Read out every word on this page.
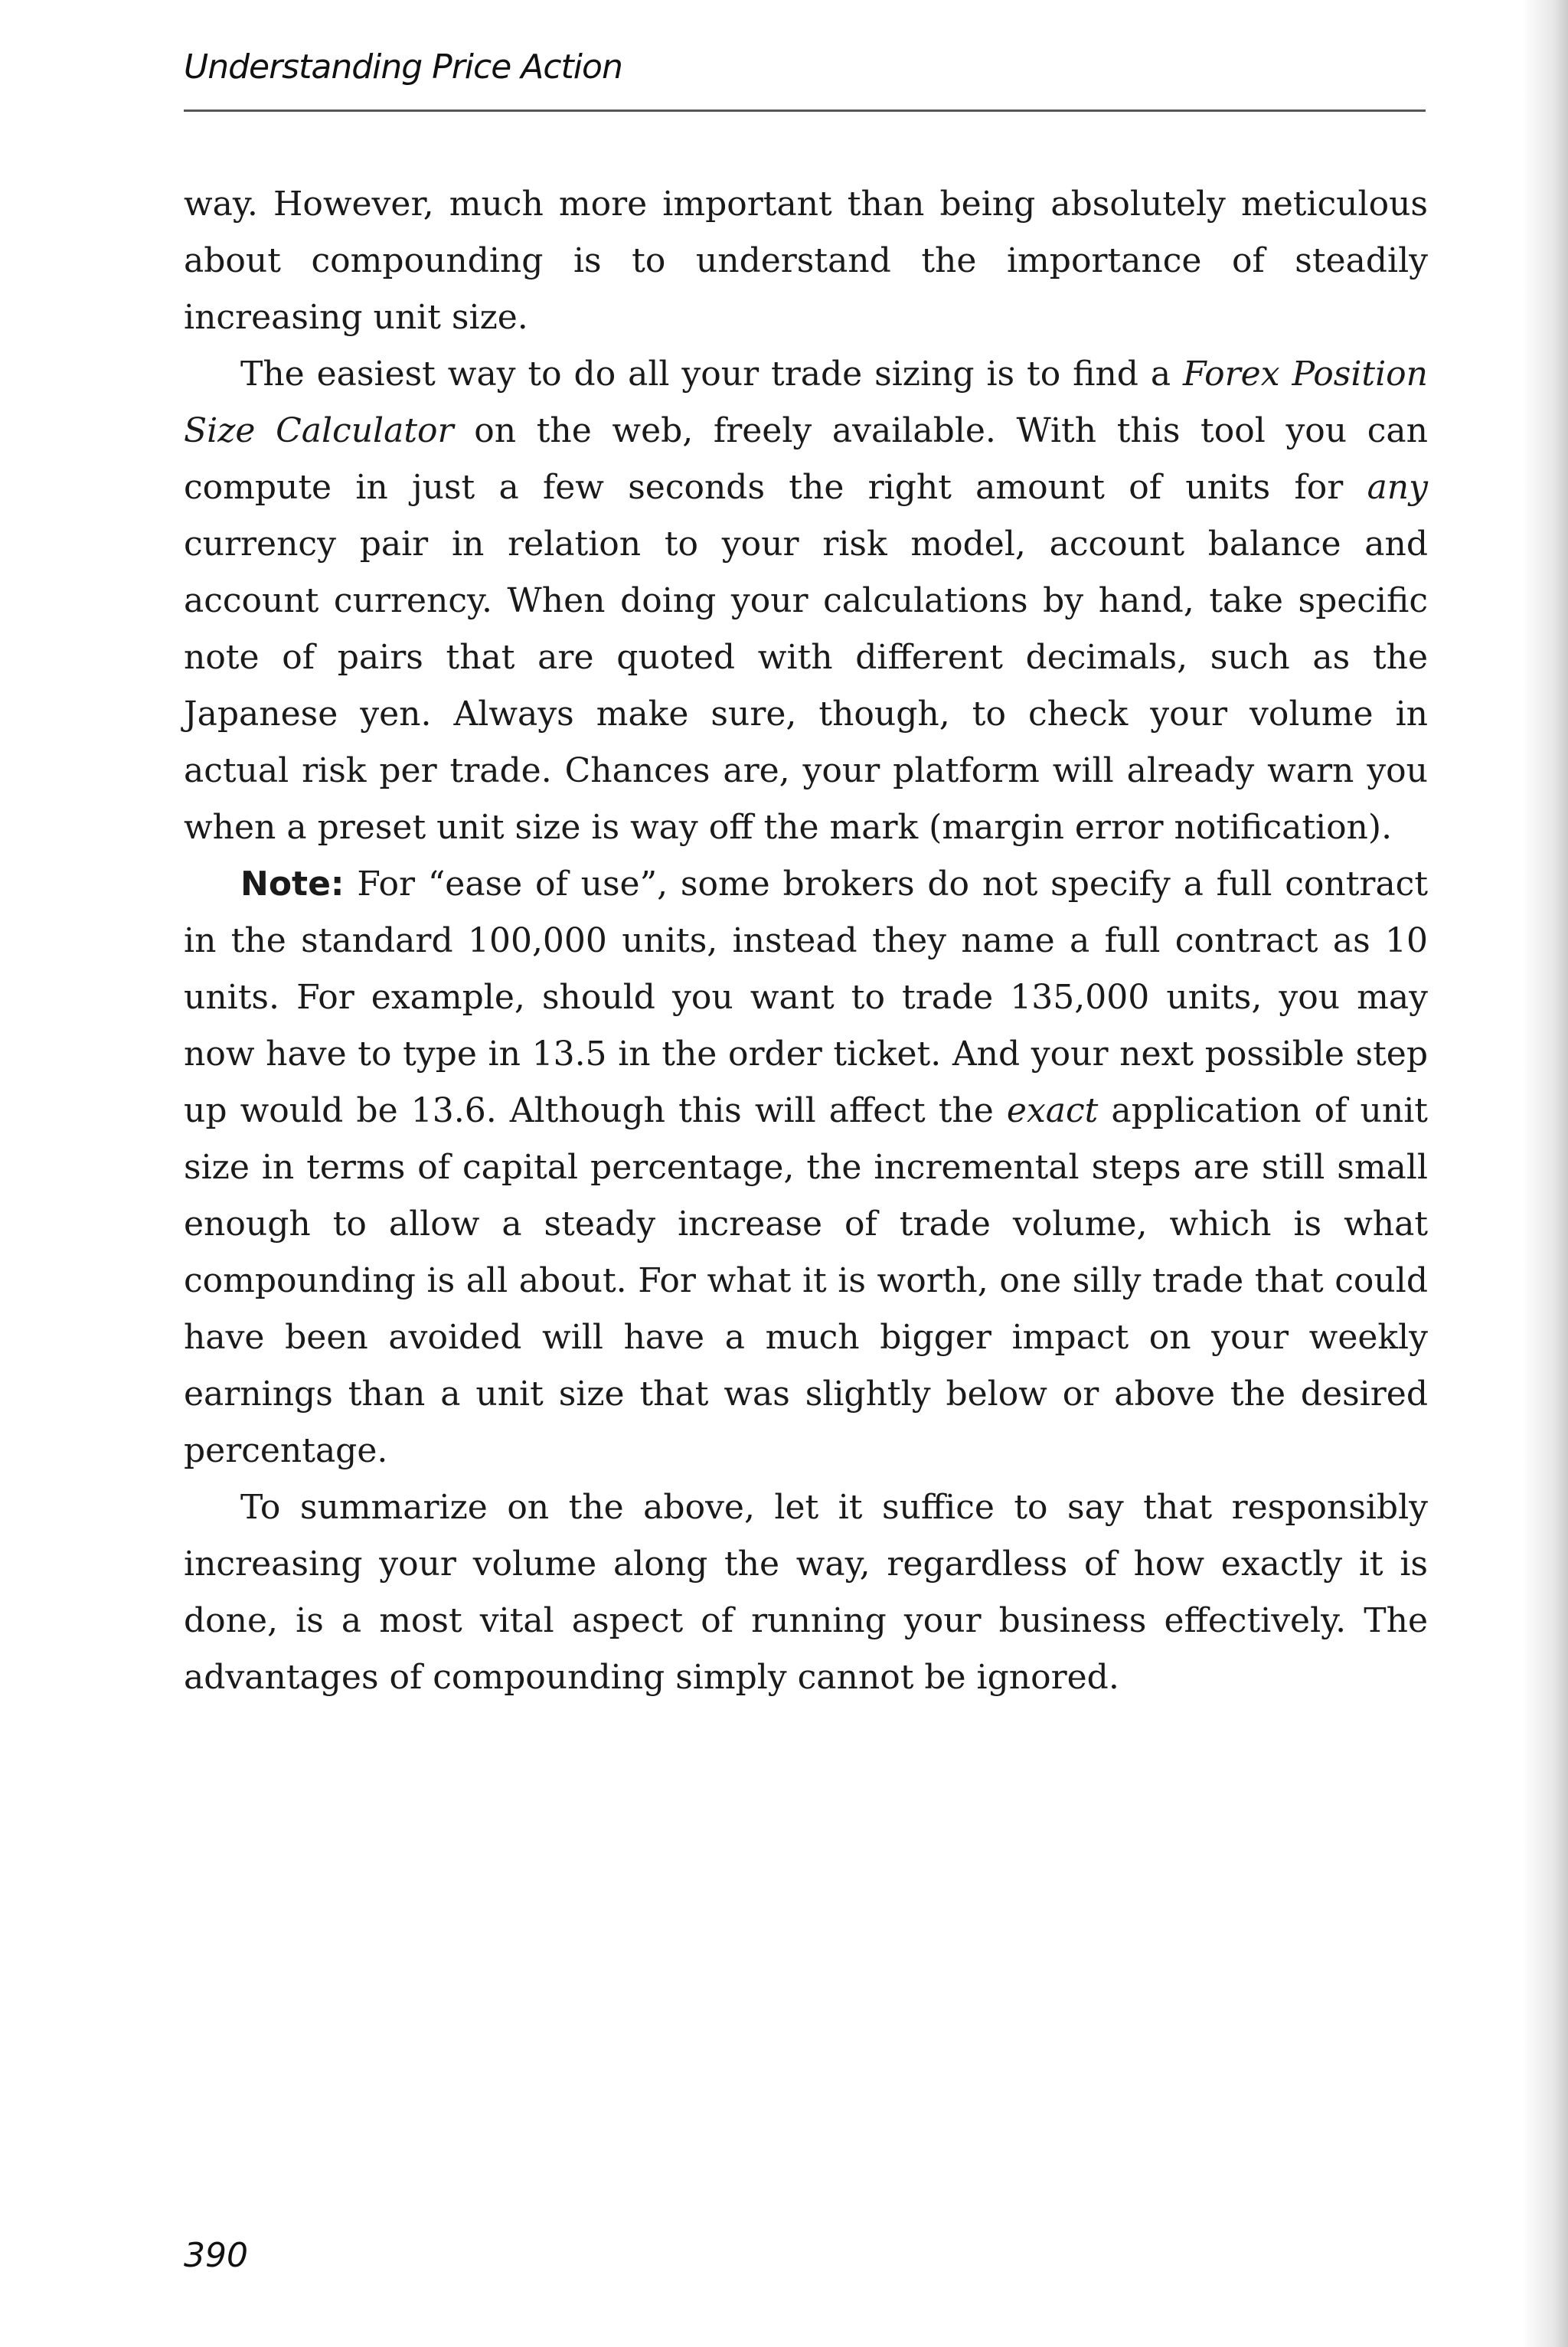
Understanding Price Action

way. However, much more important than being absolutely meticulous about compounding is to understand the importance of steadily increasing unit size.

The easiest way to do all your trade sizing is to find a Forex Position Size Calculator on the web, freely available. With this tool you can compute in just a few seconds the right amount of units for any currency pair in relation to your risk model, account balance and account currency. When doing your calculations by hand, take specific note of pairs that are quoted with different decimals, such as the Japanese yen. Always make sure, though, to check your volume in actual risk per trade. Chances are, your platform will already warn you when a preset unit size is way off the mark (margin error notification).

Note: For “ease of use”, some brokers do not specify a full contract in the standard 100,000 units, instead they name a full contract as 10 units. For example, should you want to trade 135,000 units, you may now have to type in 13.5 in the order ticket. And your next possible step up would be 13.6. Although this will affect the exact application of unit size in terms of capital percentage, the incremental steps are still small enough to allow a steady increase of trade volume, which is what compounding is all about. For what it is worth, one silly trade that could have been avoided will have a much bigger impact on your weekly earnings than a unit size that was slightly below or above the desired percentage.

To summarize on the above, let it suffice to say that responsibly increasing your volume along the way, regardless of how exactly it is done, is a most vital aspect of running your business effectively. The advantages of compounding simply cannot be ignored.

390
